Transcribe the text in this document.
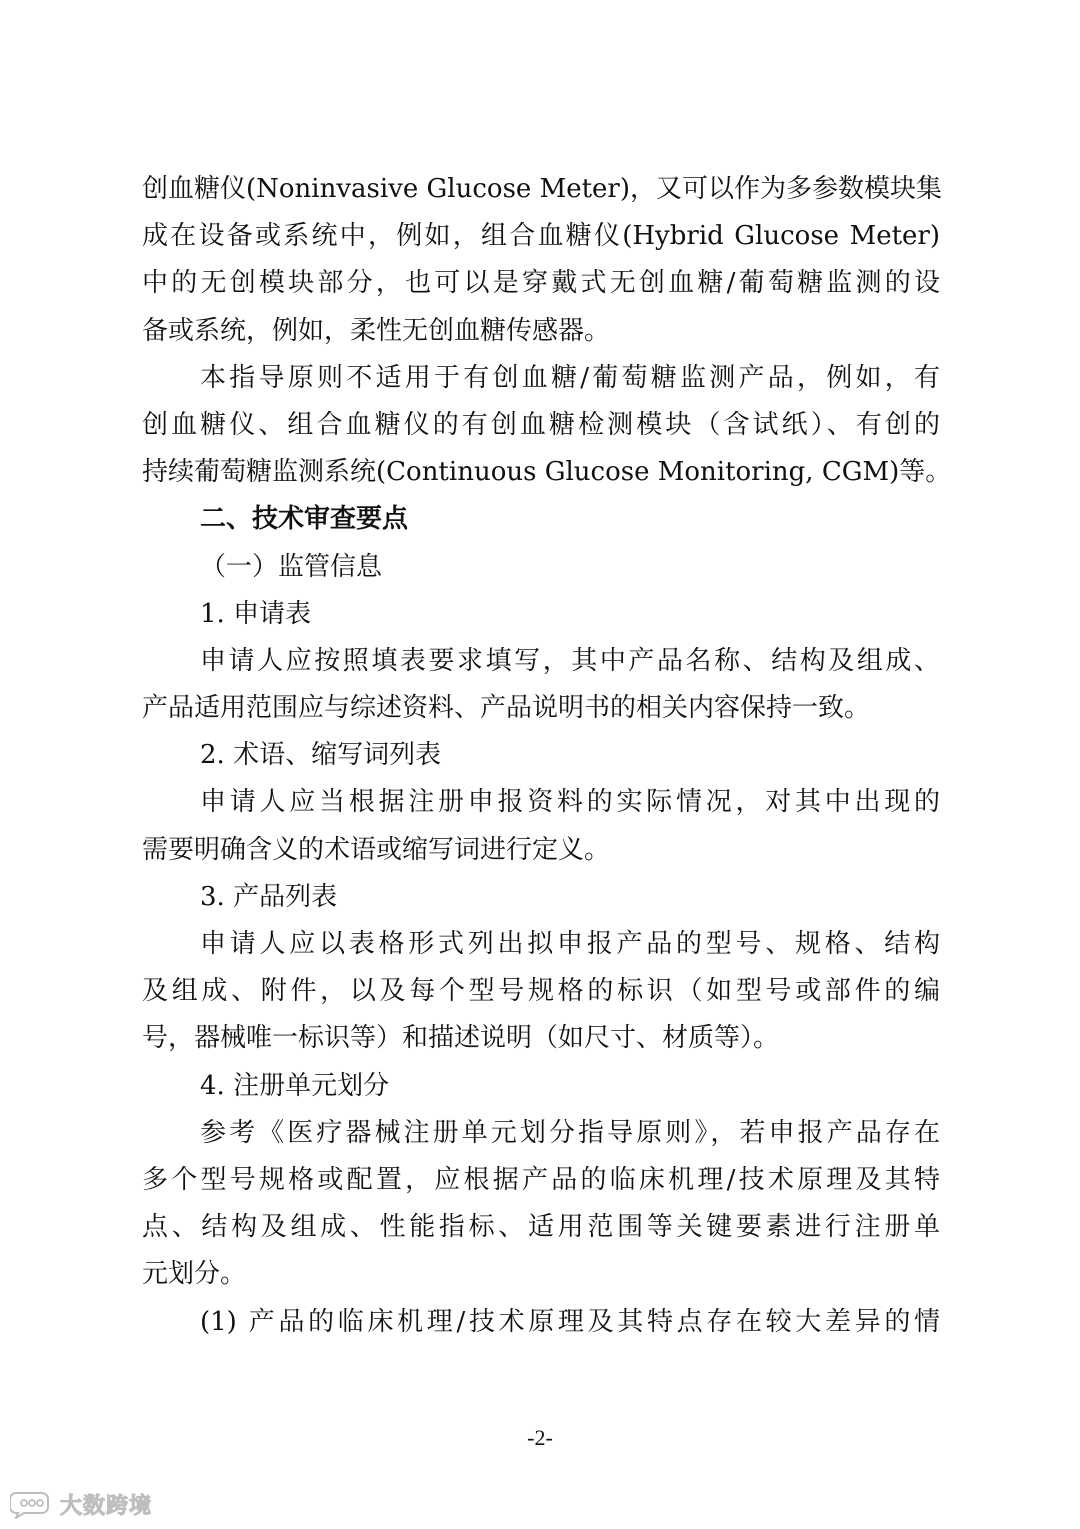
创血糖仪(Noninvasive Glucose Meter)，又可以作为多参数模块集
成在设备或系统中，例如，组合血糖仪(Hybrid Glucose Meter)
中的无创模块部分，也可以是穿戴式无创血糖/葡萄糖监测的设
备或系统，例如，柔性无创血糖传感器。
本指导原则不适用于有创血糖/葡萄糖监测产品，例如，有
创血糖仪、组合血糖仪的有创血糖检测模块（含试纸）、有创的
持续葡萄糖监测系统(Continuous Glucose Monitoring, CGM)等。
二、技术审查要点
（一）监管信息
1. 申请表
申请人应按照填表要求填写，其中产品名称、结构及组成、
产品适用范围应与综述资料、产品说明书的相关内容保持一致。
2. 术语、缩写词列表
申请人应当根据注册申报资料的实际情况，对其中出现的
需要明确含义的术语或缩写词进行定义。
3. 产品列表
申请人应以表格形式列出拟申报产品的型号、规格、结构
及组成、附件，以及每个型号规格的标识（如型号或部件的编
号，器械唯一标识等）和描述说明（如尺寸、材质等）。
4. 注册单元划分
参考《医疗器械注册单元划分指导原则》，若申报产品存在
多个型号规格或配置，应根据产品的临床机理/技术原理及其特
点、结构及组成、性能指标、适用范围等关键要素进行注册单
元划分。
(1) 产品的临床机理/技术原理及其特点存在较大差异的情
-2-
大数跨境
